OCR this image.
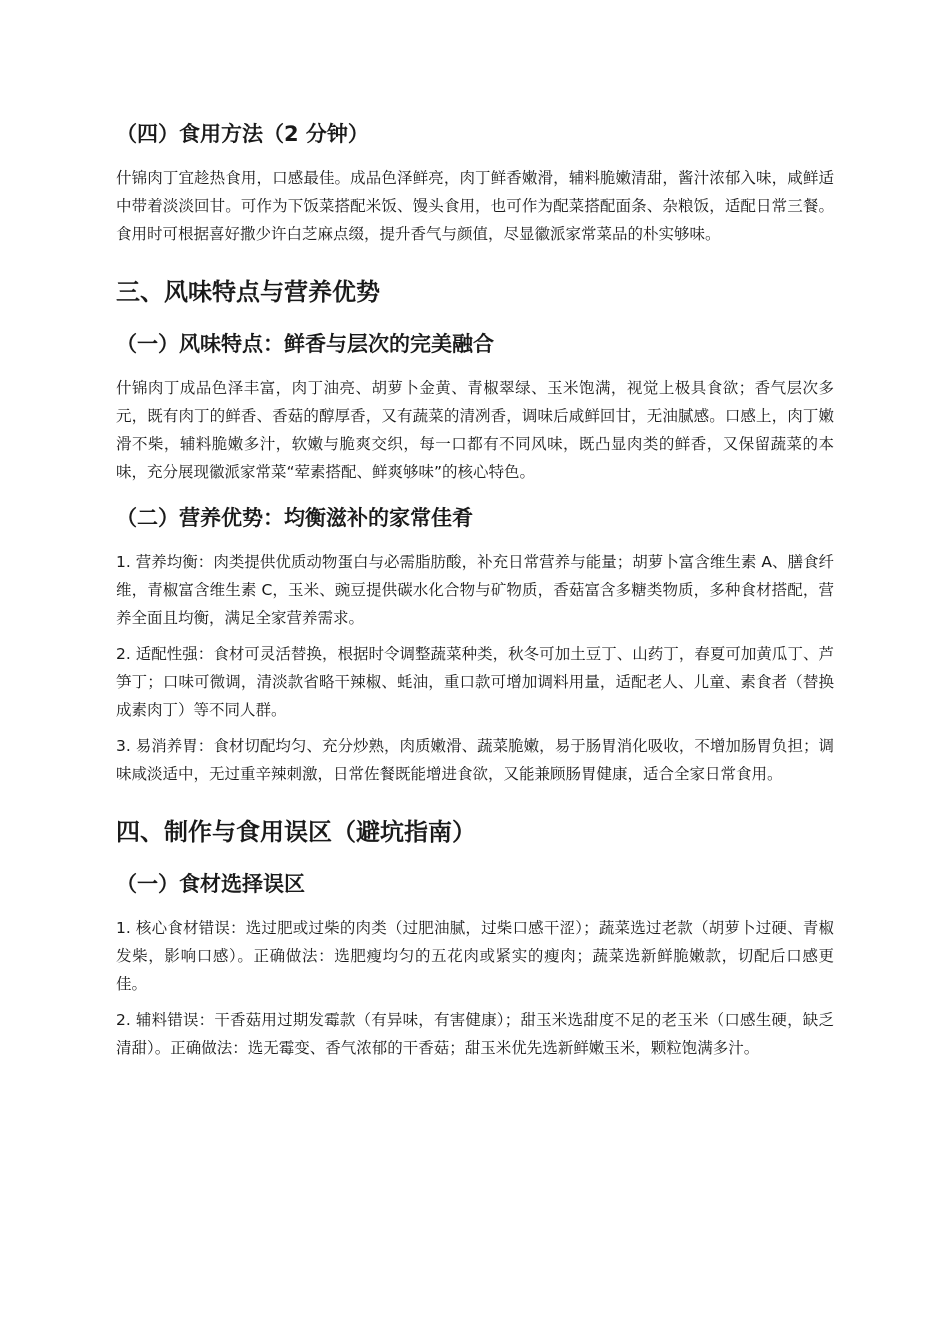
（四）食用方法（2 分钟）

什锦肉丁宜趁热食用，口感最佳。成品色泽鲜亮，肉丁鲜香嫩滑，辅料脆嫩清甜，酱汁浓郁入味，咸鲜适中带着淡淡回甘。可作为下饭菜搭配米饭、馒头食用，也可作为配菜搭配面条、杂粮饭，适配日常三餐。食用时可根据喜好撒少许白芝麻点缀，提升香气与颜值，尽显徽派家常菜品的朴实够味。

三、风味特点与营养优势
（一）风味特点：鲜香与层次的完美融合

什锦肉丁成品色泽丰富，肉丁油亮、胡萝卜金黄、青椒翠绿、玉米饱满，视觉上极具食欲；香气层次多元，既有肉丁的鲜香、香菇的醇厚香，又有蔬菜的清冽香，调味后咸鲜回甘，无油腻感。口感上，肉丁嫩滑不柴，辅料脆嫩多汁，软嫩与脆爽交织，每一口都有不同风味，既凸显肉类的鲜香，又保留蔬菜的本味，充分展现徽派家常菜“荤素搭配、鲜爽够味”的核心特色。

（二）营养优势：均衡滋补的家常佳肴

1. 营养均衡：肉类提供优质动物蛋白与必需脂肪酸，补充日常营养与能量；胡萝卜富含维生素 A、膳食纤维，青椒富含维生素 C，玉米、豌豆提供碳水化合物与矿物质，香菇富含多糖类物质，多种食材搭配，营养全面且均衡，满足全家营养需求。

2. 适配性强：食材可灵活替换，根据时令调整蔬菜种类，秋冬可加土豆丁、山药丁，春夏可加黄瓜丁、芦笋丁；口味可微调，清淡款省略干辣椒、蚝油，重口款可增加调料用量，适配老人、儿童、素食者（替换成素肉丁）等不同人群。

3. 易消养胃：食材切配均匀、充分炒熟，肉质嫩滑、蔬菜脆嫩，易于肠胃消化吸收，不增加肠胃负担；调味咸淡适中，无过重辛辣刺激，日常佐餐既能增进食欲，又能兼顾肠胃健康，适合全家日常食用。

四、制作与食用误区（避坑指南）
（一）食材选择误区

1. 核心食材错误：选过肥或过柴的肉类（过肥油腻，过柴口感干涩）；蔬菜选过老款（胡萝卜过硬、青椒发柴，影响口感）。正确做法：选肥瘦均匀的五花肉或紧实的瘦肉；蔬菜选新鲜脆嫩款，切配后口感更佳。

2. 辅料错误：干香菇用过期发霉款（有异味，有害健康）；甜玉米选甜度不足的老玉米（口感生硬，缺乏清甜）。正确做法：选无霉变、香气浓郁的干香菇；甜玉米优先选新鲜嫩玉米，颗粒饱满多汁。
